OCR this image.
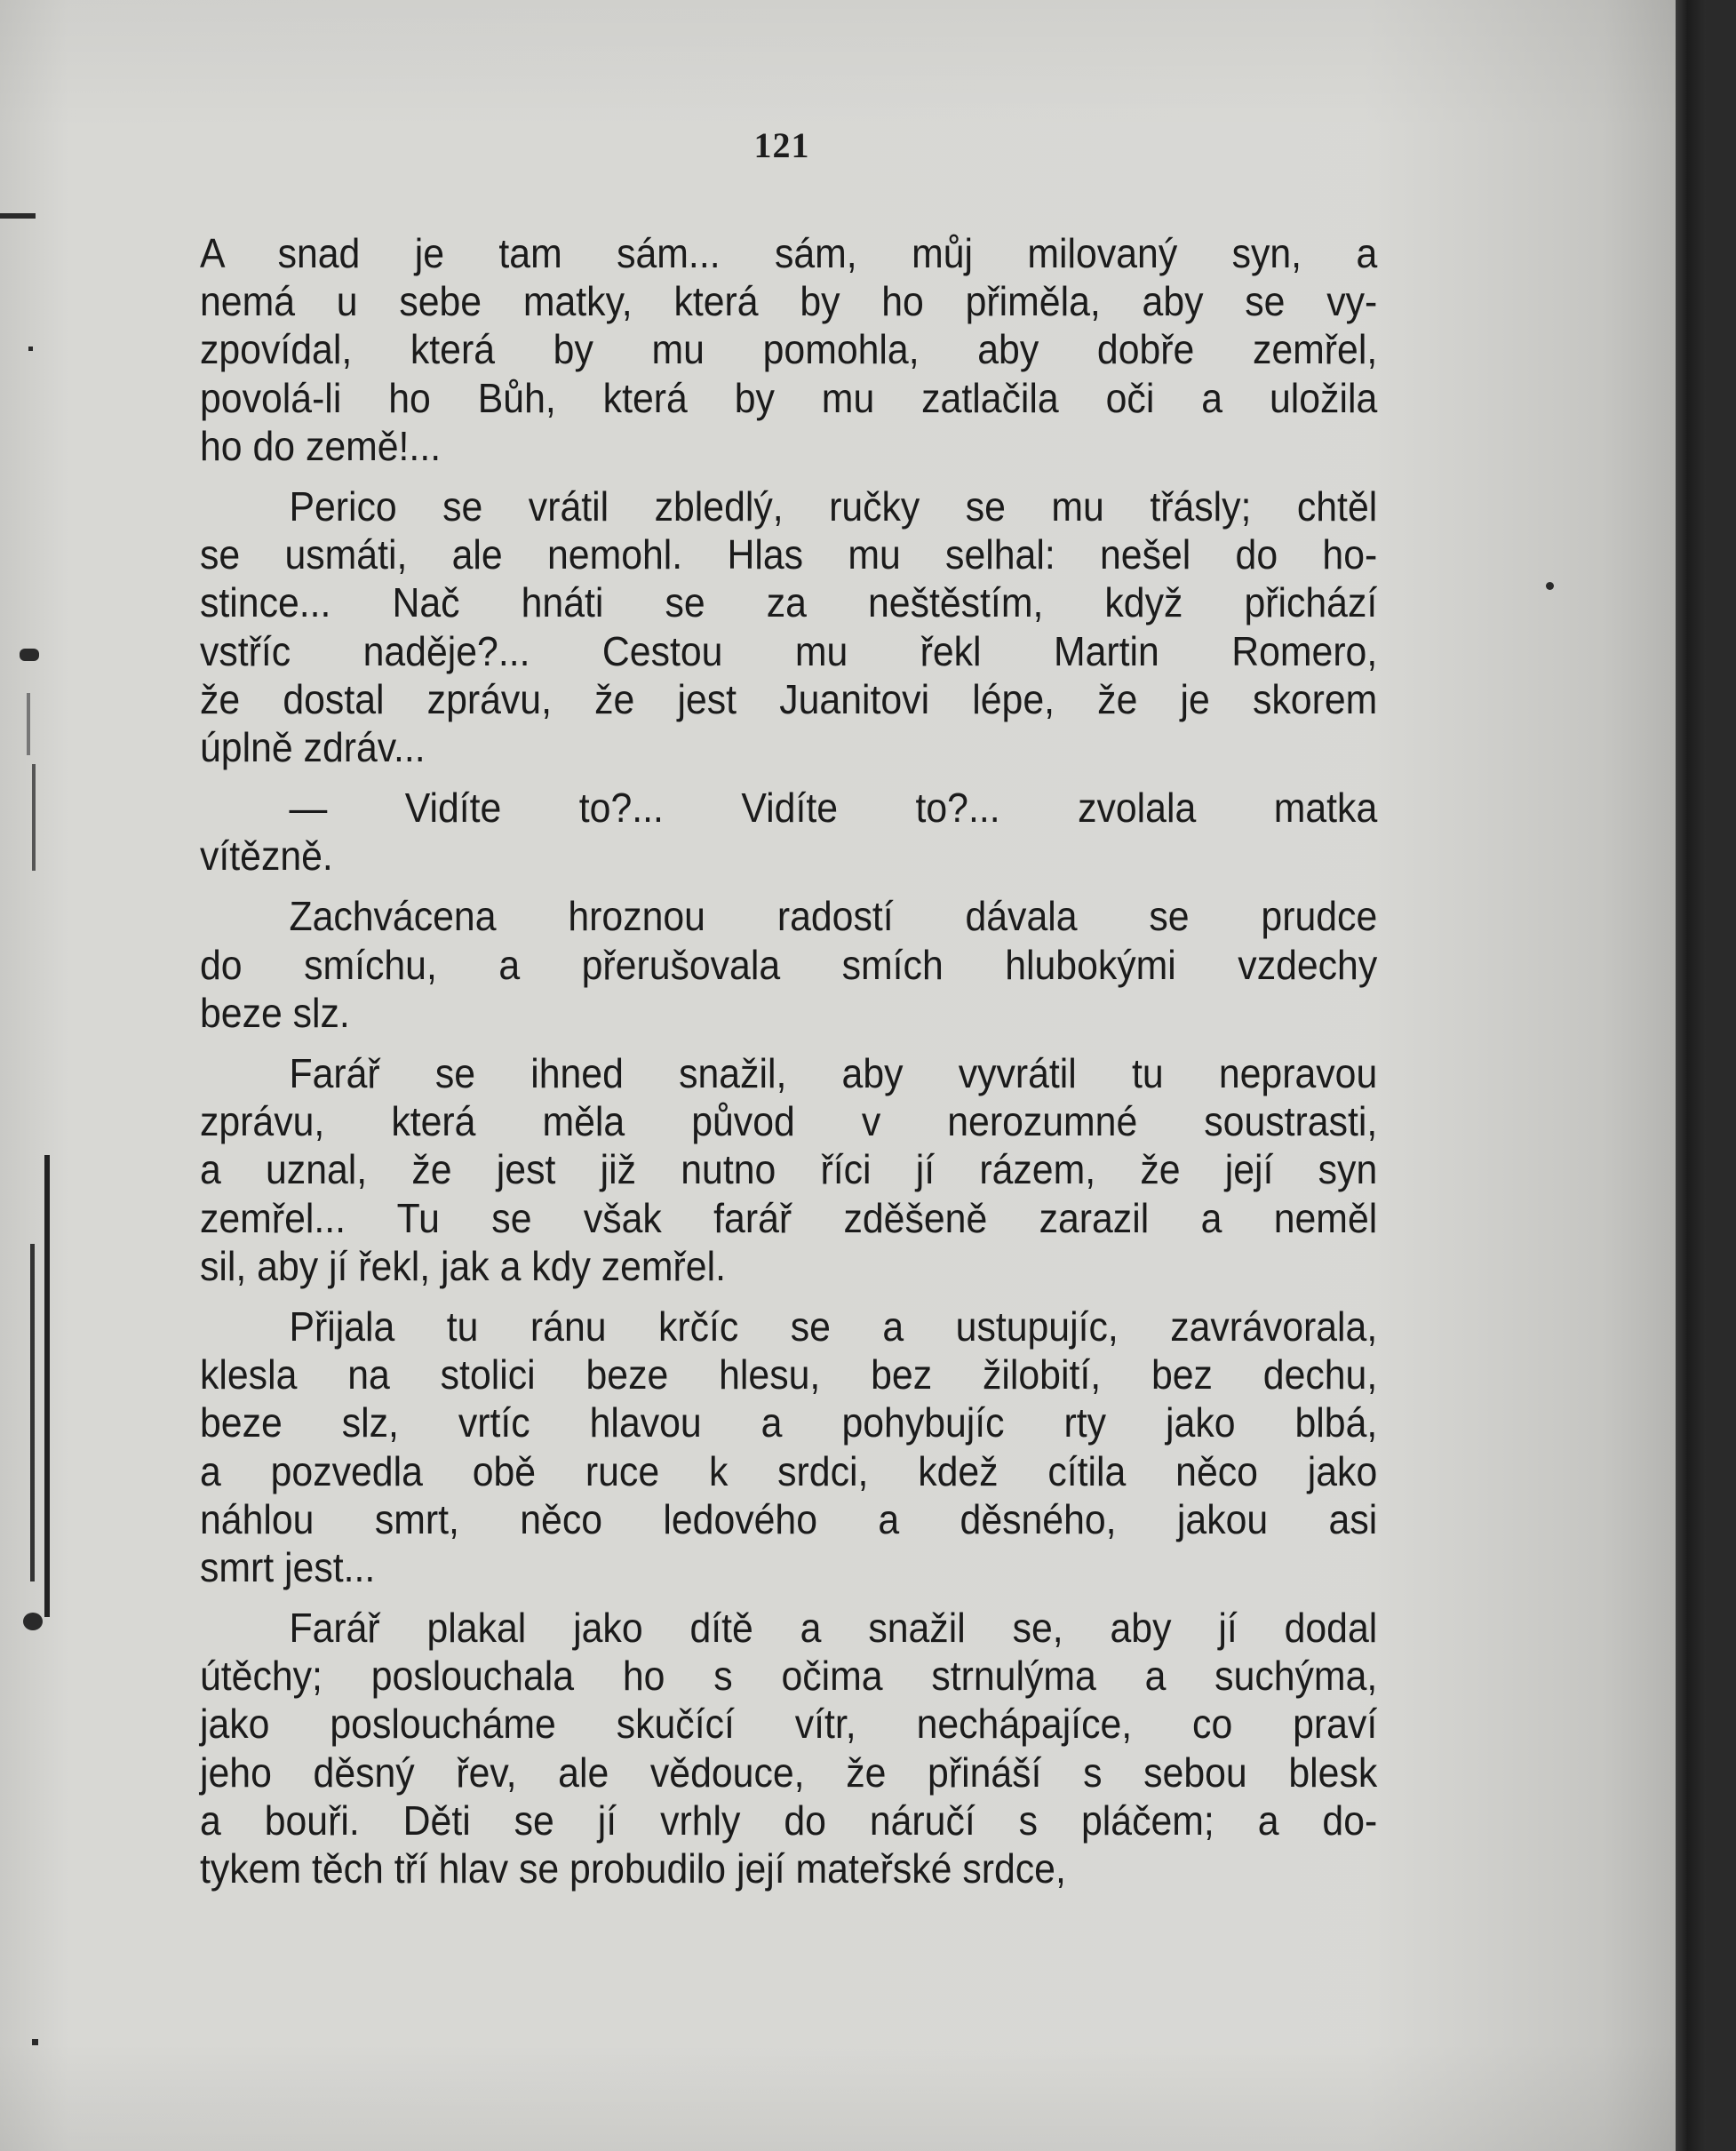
121

A snad je tam sám... sám, můj milovaný syn, a
nemá u sebe matky, která by ho přiměla, aby se vy-
zpovídal, která by mu pomohla, aby dobře zemřel,
povolá-li ho Bůh, která by mu zatlačila oči a uložila
ho do země!...

Perico se vrátil zbledlý, ručky se mu třásly; chtěl
se usmáti, ale nemohl. Hlas mu selhal: nešel do ho-
stince... Nač hnáti se za neštěstím, když přichází
vstříc naděje?... Cestou mu řekl Martin Romero,
že dostal zprávu, že jest Juanitovi lépe, že je skorem
úplně zdráv...

— Vidíte to?... Vidíte to?... zvolala matka
vítězně.

Zachvácena hroznou radostí dávala se prudce
do smíchu, a přerušovala smích hlubokými vzdechy
beze slz.

Farář se ihned snažil, aby vyvrátil tu nepravou
zprávu, která měla původ v nerozumné soustrasti,
a uznal, že jest již nutno říci jí rázem, že její syn
zemřel... Tu se však farář zděšeně zarazil a neměl
sil, aby jí řekl, jak a kdy zemřel.

Přijala tu ránu krčíc se a ustupujíc, zavrávorala,
klesla na stolici beze hlesu, bez žilobití, bez dechu,
beze slz, vrtíc hlavou a pohybujíc rty jako blbá,
a pozvedla obě ruce k srdci, kdež cítila něco jako
náhlou smrt, něco ledového a děsného, jakou asi
smrt jest...

Farář plakal jako dítě a snažil se, aby jí dodal
útěchy; poslouchala ho s očima strnulýma a suchýma,
jako posloucháme skučící vítr, nechápajíce, co praví
jeho děsný řev, ale vědouce, že přináší s sebou blesk
a bouři. Děti se jí vrhly do náručí s pláčem; a do-
tykem těch tří hlav se probudilo její mateřské srdce,
